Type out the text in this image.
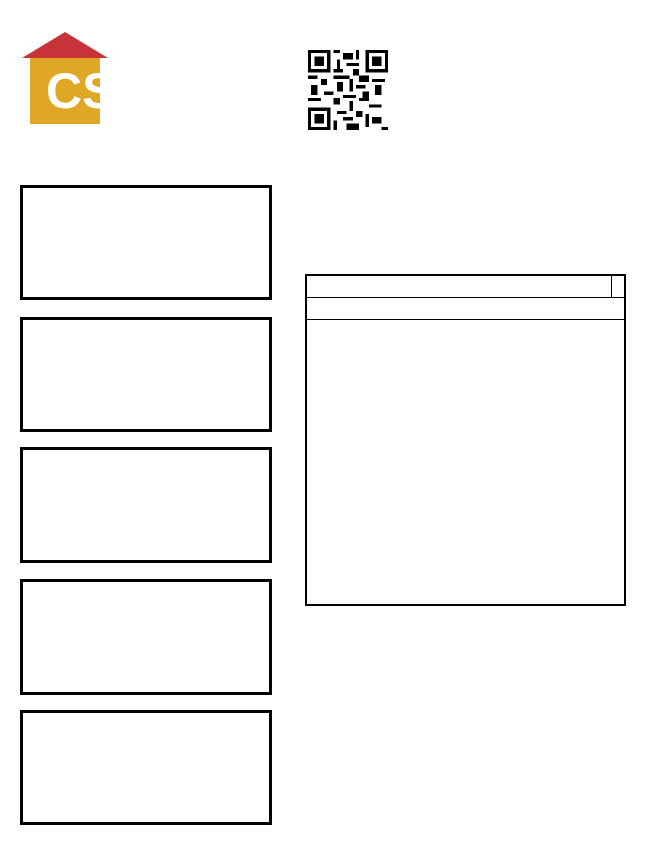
CS
